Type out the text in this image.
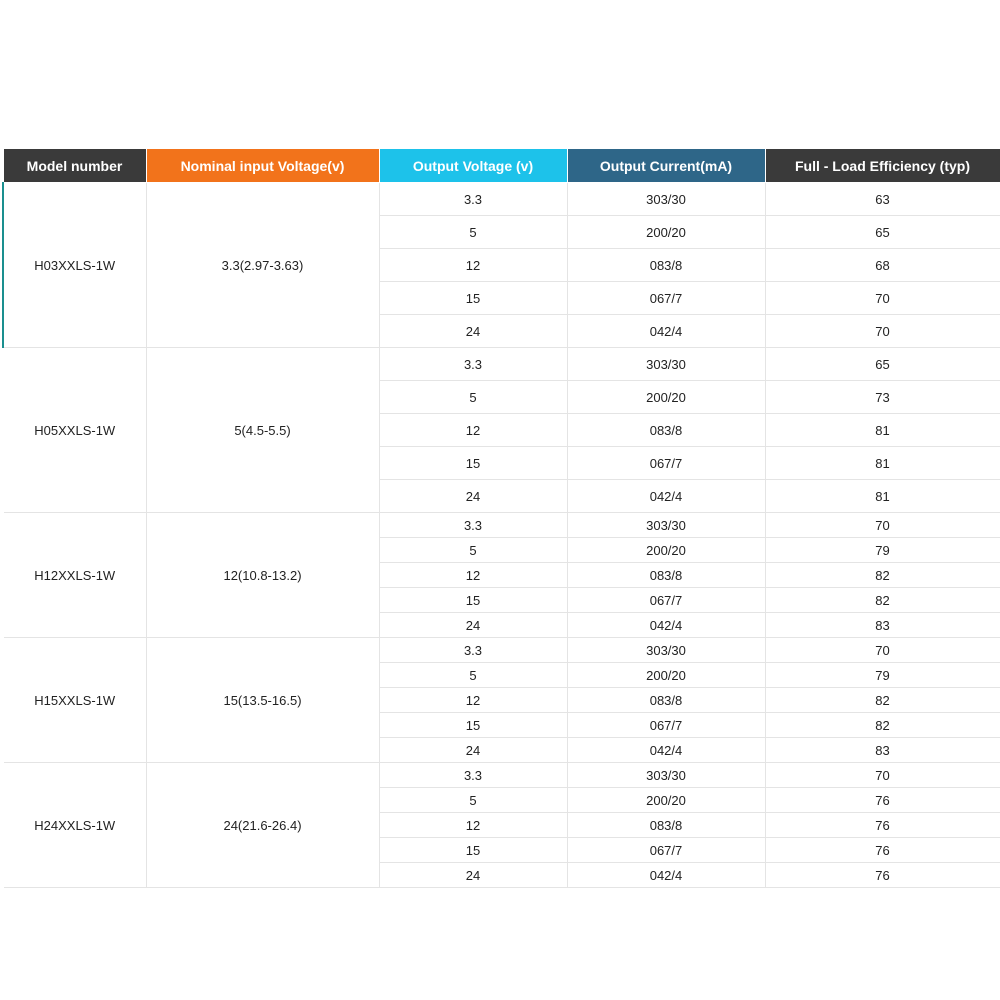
Model number	Nominal input Voltage(v)	Output Voltage (v)	Output Current(mA)	Full - Load Efficiency (typ)
H03XXLS-1W	3.3(2.97-3.63)	3.3	303/30	63
		5	200/20	65
		12	083/8	68
		15	067/7	70
		24	042/4	70
H05XXLS-1W	5(4.5-5.5)	3.3	303/30	65
		5	200/20	73
		12	083/8	81
		15	067/7	81
		24	042/4	81
H12XXLS-1W	12(10.8-13.2)	3.3	303/30	70
		5	200/20	79
		12	083/8	82
		15	067/7	82
		24	042/4	83
H15XXLS-1W	15(13.5-16.5)	3.3	303/30	70
		5	200/20	79
		12	083/8	82
		15	067/7	82
		24	042/4	83
H24XXLS-1W	24(21.6-26.4)	3.3	303/30	70
		5	200/20	76
		12	083/8	76
		15	067/7	76
		24	042/4	76
